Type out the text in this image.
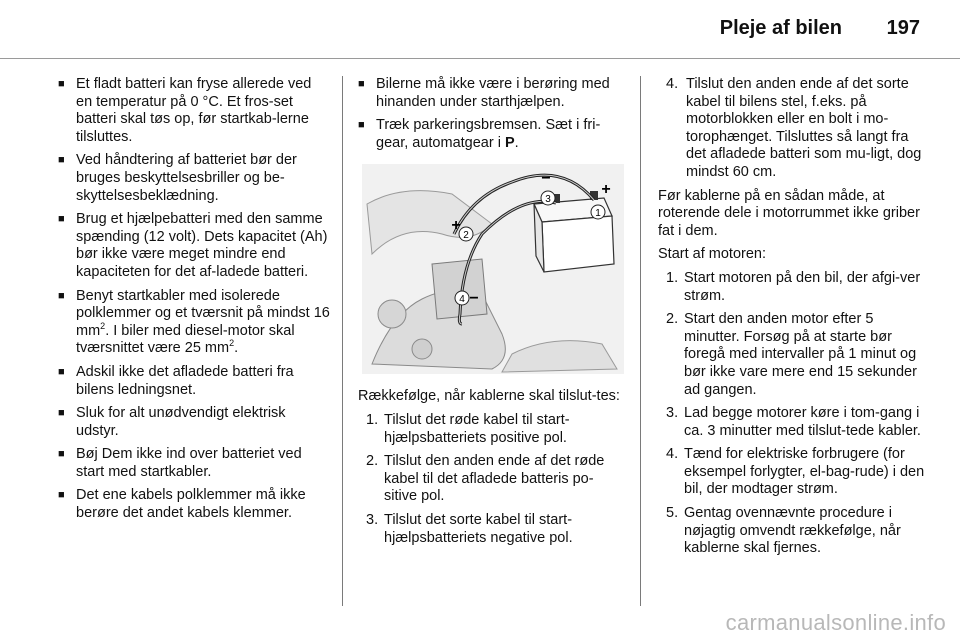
Pleje af bilen 197
■ Et fladt batteri kan fryse allerede ved en temperatur på 0 °C. Et fros-set batteri skal tøs op, før startkab-lerne tilsluttes.
■ Ved håndtering af batteriet bør der bruges beskyttelsesbriller og be-skyttelsesbeklædning.
■ Brug et hjælpebatteri med den samme spænding (12 volt). Dets kapacitet (Ah) bør ikke være meget mindre end kapaciteten for det af-ladede batteri.
■ Benyt startkabler med isolerede polklemmer og et tværsnit på mindst 16 $mm^2$. I biler med diesel-motor skal tværsnittet være 25 $mm^2$.
■ Adskil ikke det afladede batteri fra bilens ledningsnet.
■ Sluk for alt unødvendigt elektrisk udstyr.
■ Bøj Dem ikke ind over batteriet ved start med startkabler.
■ Det ene kabels polklemmer må ikke berøre det andet kabels klemmer.
■ Bilerne må ikke være i berøring med hinanden under starthjælpen.
■ Træk parkeringsbremsen. Sæt i fri-gear, automatgear i P.
1
2
3
4
+
−
+
−

Rækkefølge, når kablerne skal tilslut-tes:

1. Tilslut det røde kabel til start-hjælpsbatteriets positive pol.
2. Tilslut den anden ende af det røde kabel til det afladede batteris po-sitive pol.
3. Tilslut det sorte kabel til start-hjælpsbatteriets negative pol.
4. Tilslut den anden ende af det sorte kabel til bilens stel, f.eks. på motorblokken eller en bolt i mo-torophænget. Tilsluttes så langt fra det afladede batteri som mu-ligt, dog mindst 60 cm.

Før kablerne på en sådan måde, at roterende dele i motorrummet ikke griber fat i dem.

Start af motoren:

1. Start motoren på den bil, der afgi-ver strøm.
2. Start den anden motor efter 5 minutter. Forsøg på at starte bør foregå med intervaller på 1 minut og bør ikke vare mere end 15 sekunder ad gangen.
3. Lad begge motorer køre i tom-gang i ca. 3 minutter med tilslut-tede kabler.
4. Tænd for elektriske forbrugere (for eksempel forlygter, el-bag-rude) i den bil, der modtager strøm.
5. Gentag ovennævnte procedure i nøjagtig omvendt rækkefølge, når kablerne skal fjernes.
carmanualsonline.info
